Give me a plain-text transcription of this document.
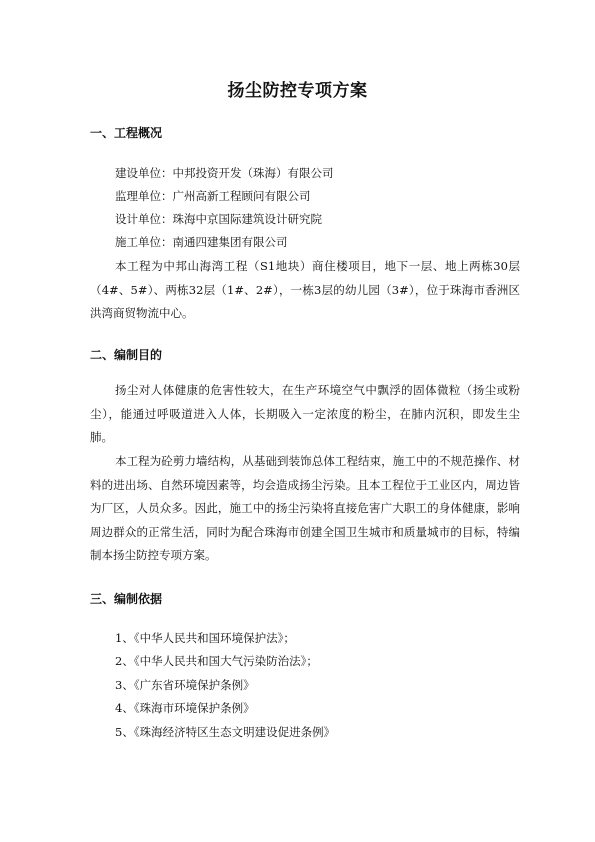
扬尘防控专项方案
一、工程概况
建设单位：中邦投资开发（珠海）有限公司
监理单位：广州高新工程顾问有限公司
设计单位：珠海中京国际建筑设计研究院
施工单位：南通四建集团有限公司
本工程为中邦山海湾工程（S1地块）商住楼项目，地下一层、地上两栋30层（4#、5#）、两栋32层（1#、2#），一栋3层的幼儿园（3#），位于珠海市香洲区洪湾商贸物流中心。
二、编制目的
扬尘对人体健康的危害性较大，在生产环境空气中飘浮的固体微粒（扬尘或粉尘），能通过呼吸道进入人体，长期吸入一定浓度的粉尘，在肺内沉积，即发生尘肺。
本工程为砼剪力墙结构，从基础到装饰总体工程结束，施工中的不规范操作、材料的进出场、自然环境因素等，均会造成扬尘污染。且本工程位于工业区内，周边皆为厂区，人员众多。因此，施工中的扬尘污染将直接危害广大职工的身体健康，影响周边群众的正常生活，同时为配合珠海市创建全国卫生城市和质量城市的目标，特编制本扬尘防控专项方案。
三、编制依据
1、《中华人民共和国环境保护法》；
2、《中华人民共和国大气污染防治法》；
3、《广东省环境保护条例》
4、《珠海市环境保护条例》
5、《珠海经济特区生态文明建设促进条例》
